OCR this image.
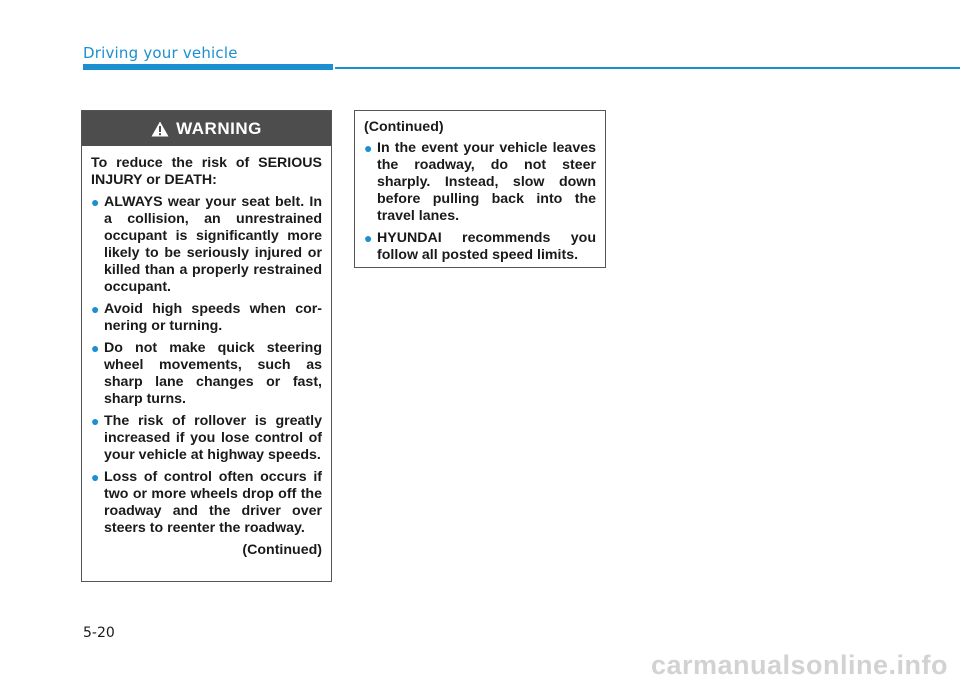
Driving your vehicle
WARNING
To reduce the risk of SERIOUS INJURY or DEATH:
● ALWAYS wear your seat belt. In a collision, an unrestrained occupant is significantly more likely to be seriously injured or killed than a properly restrained occupant.
● Avoid high speeds when cor-nering or turning.
● Do not make quick steering wheel movements, such as sharp lane changes or fast, sharp turns.
● The risk of rollover is greatly increased if you lose control of your vehicle at highway speeds.
● Loss of control often occurs if two or more wheels drop off the roadway and the driver over steers to reenter the roadway.
(Continued)
(Continued)
● In the event your vehicle leaves the roadway, do not steer sharply. Instead, slow down before pulling back into the travel lanes.
● HYUNDAI recommends you follow all posted speed limits.
5-20
carmanualsonline.info
